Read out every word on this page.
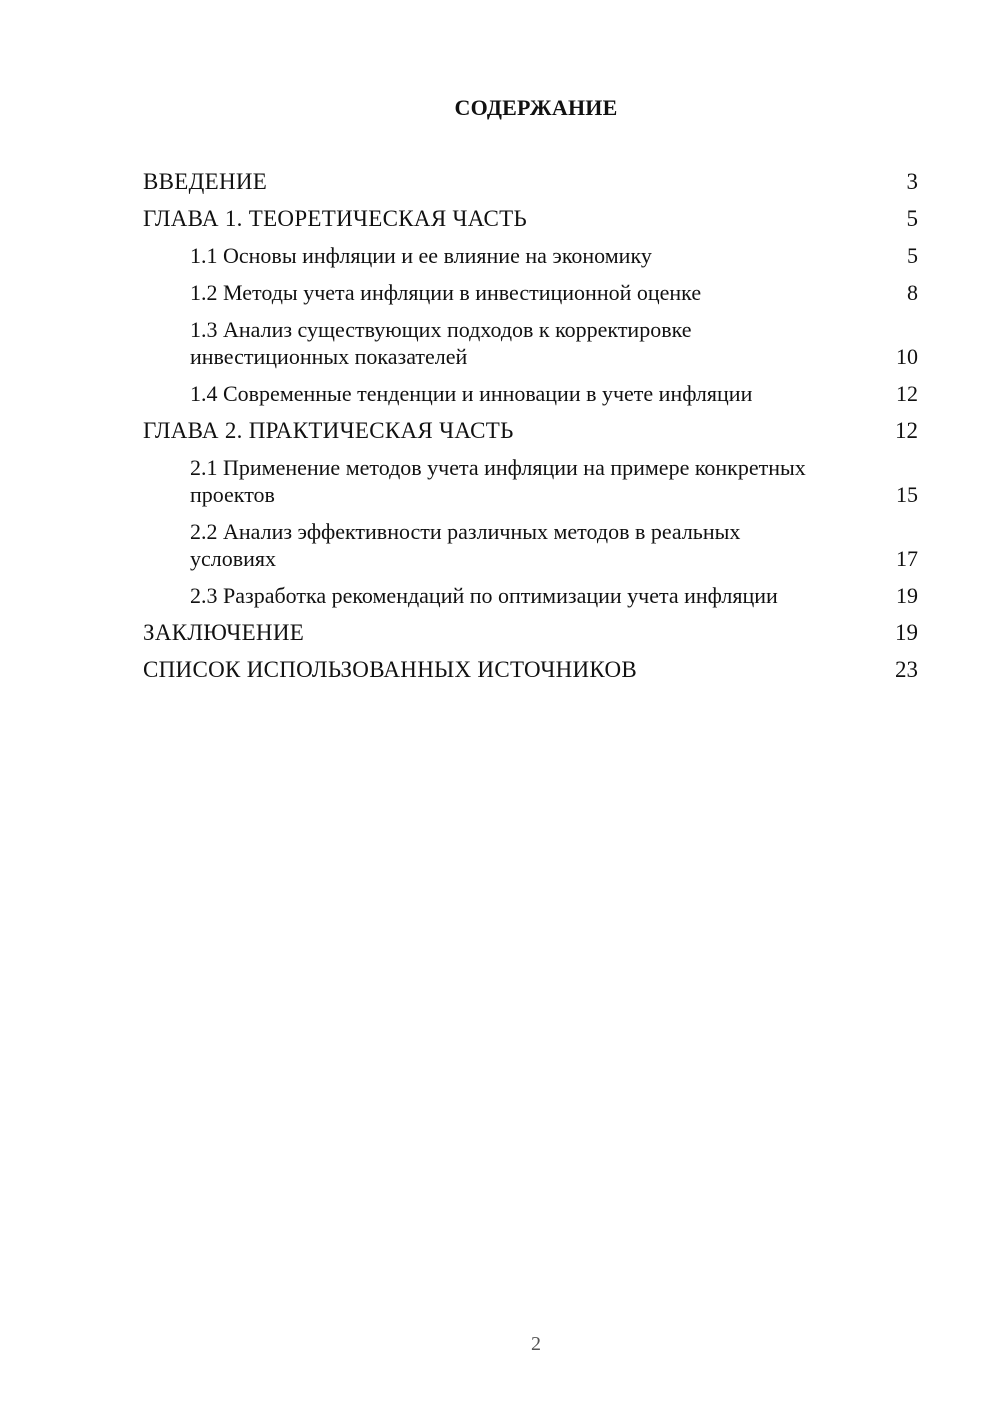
СОДЕРЖАНИЕ
ВВЕДЕНИЕ	3
ГЛАВА 1. ТЕОРЕТИЧЕСКАЯ ЧАСТЬ	5
1.1 Основы инфляции и ее влияние на экономику	5
1.2 Методы учета инфляции в инвестиционной оценке	8
1.3 Анализ существующих подходов к корректировке инвестиционных показателей	10
1.4 Современные тенденции и инновации в учете инфляции	12
ГЛАВА 2. ПРАКТИЧЕСКАЯ ЧАСТЬ	12
2.1 Применение методов учета инфляции на примере конкретных проектов	15
2.2 Анализ эффективности различных методов в реальных условиях	17
2.3 Разработка рекомендаций по оптимизации учета инфляции	19
ЗАКЛЮЧЕНИЕ	19
СПИСОК ИСПОЛЬЗОВАННЫХ ИСТОЧНИКОВ	23
2
